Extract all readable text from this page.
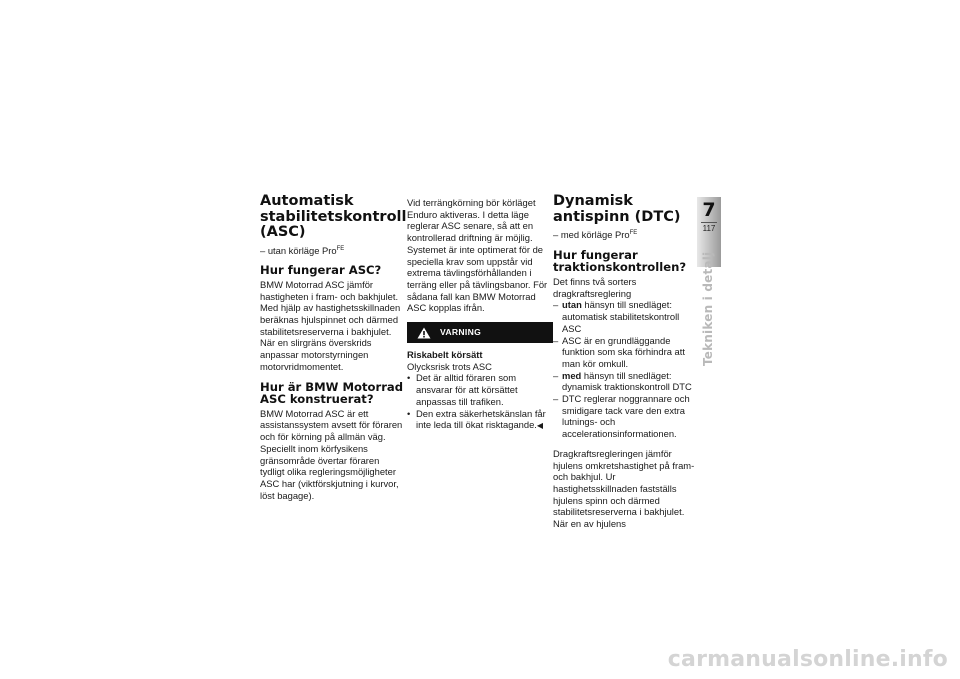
Automatisk stabilitetskontroll (ASC)
– utan körläge Pro$^{FE}$
Hur fungerar ASC?

BMW Motorrad ASC jämför hastigheten i fram- och bakhjulet. Med hjälp av hastighetsskillnaden beräknas hjulspinnet och därmed stabilitetsreserverna i bakhjulet. När en slirgräns överskrids anpassar motorstyrningen motorvridmomentet.

Hur är BMW Motorrad ASC konstruerat?

BMW Motorrad ASC är ett assistanssystem avsett för föraren och för körning på allmän väg. Speciellt inom körfysikens gränsområde övertar föraren tydligt olika regleringsmöjligheter ASC har (viktförskjutning i kurvor, löst bagage).

Vid terrängkörning bör körläget Enduro aktiveras. I detta läge reglerar ASC senare, så att en kontrollerad driftning är möjlig. Systemet är inte optimerat för de speciella krav som uppstår vid extrema tävlingsförhållanden i terräng eller på tävlingsbanor. För sådana fall kan BMW Motorrad ASC kopplas ifrån.

VARNING
Riskabelt körsätt
Olycksrisk trots ASC
• Det är alltid föraren som ansvarar för att körsättet anpassas till trafiken.
• Den extra säkerhetskänslan får inte leda till ökat risktagande.◀
Dynamisk antispinn (DTC)
– med körläge Pro$^{FE}$
Hur fungerar traktionskontrollen?

Det finns två sorters dragkraftsreglering

– utan hänsyn till snedläget: automatisk stabilitetskontroll ASC
– ASC är en grundläggande funktion som ska förhindra att man kör omkull.
– med hänsyn till snedläget: dynamisk traktionskontroll DTC
– DTC reglerar noggrannare och smidigare tack vare den extra lutnings- och accelerationsinformationen.

Dragkraftsregleringen jämför hjulens omkretshastighet på fram- och bakhjul. Ur hastighetsskillnaden fastställs hjulens spinn och därmed stabilitetsreserverna i bakhjulet. När en av hjulens

7
117
Tekniken i detalj
carmanualsonline.info
